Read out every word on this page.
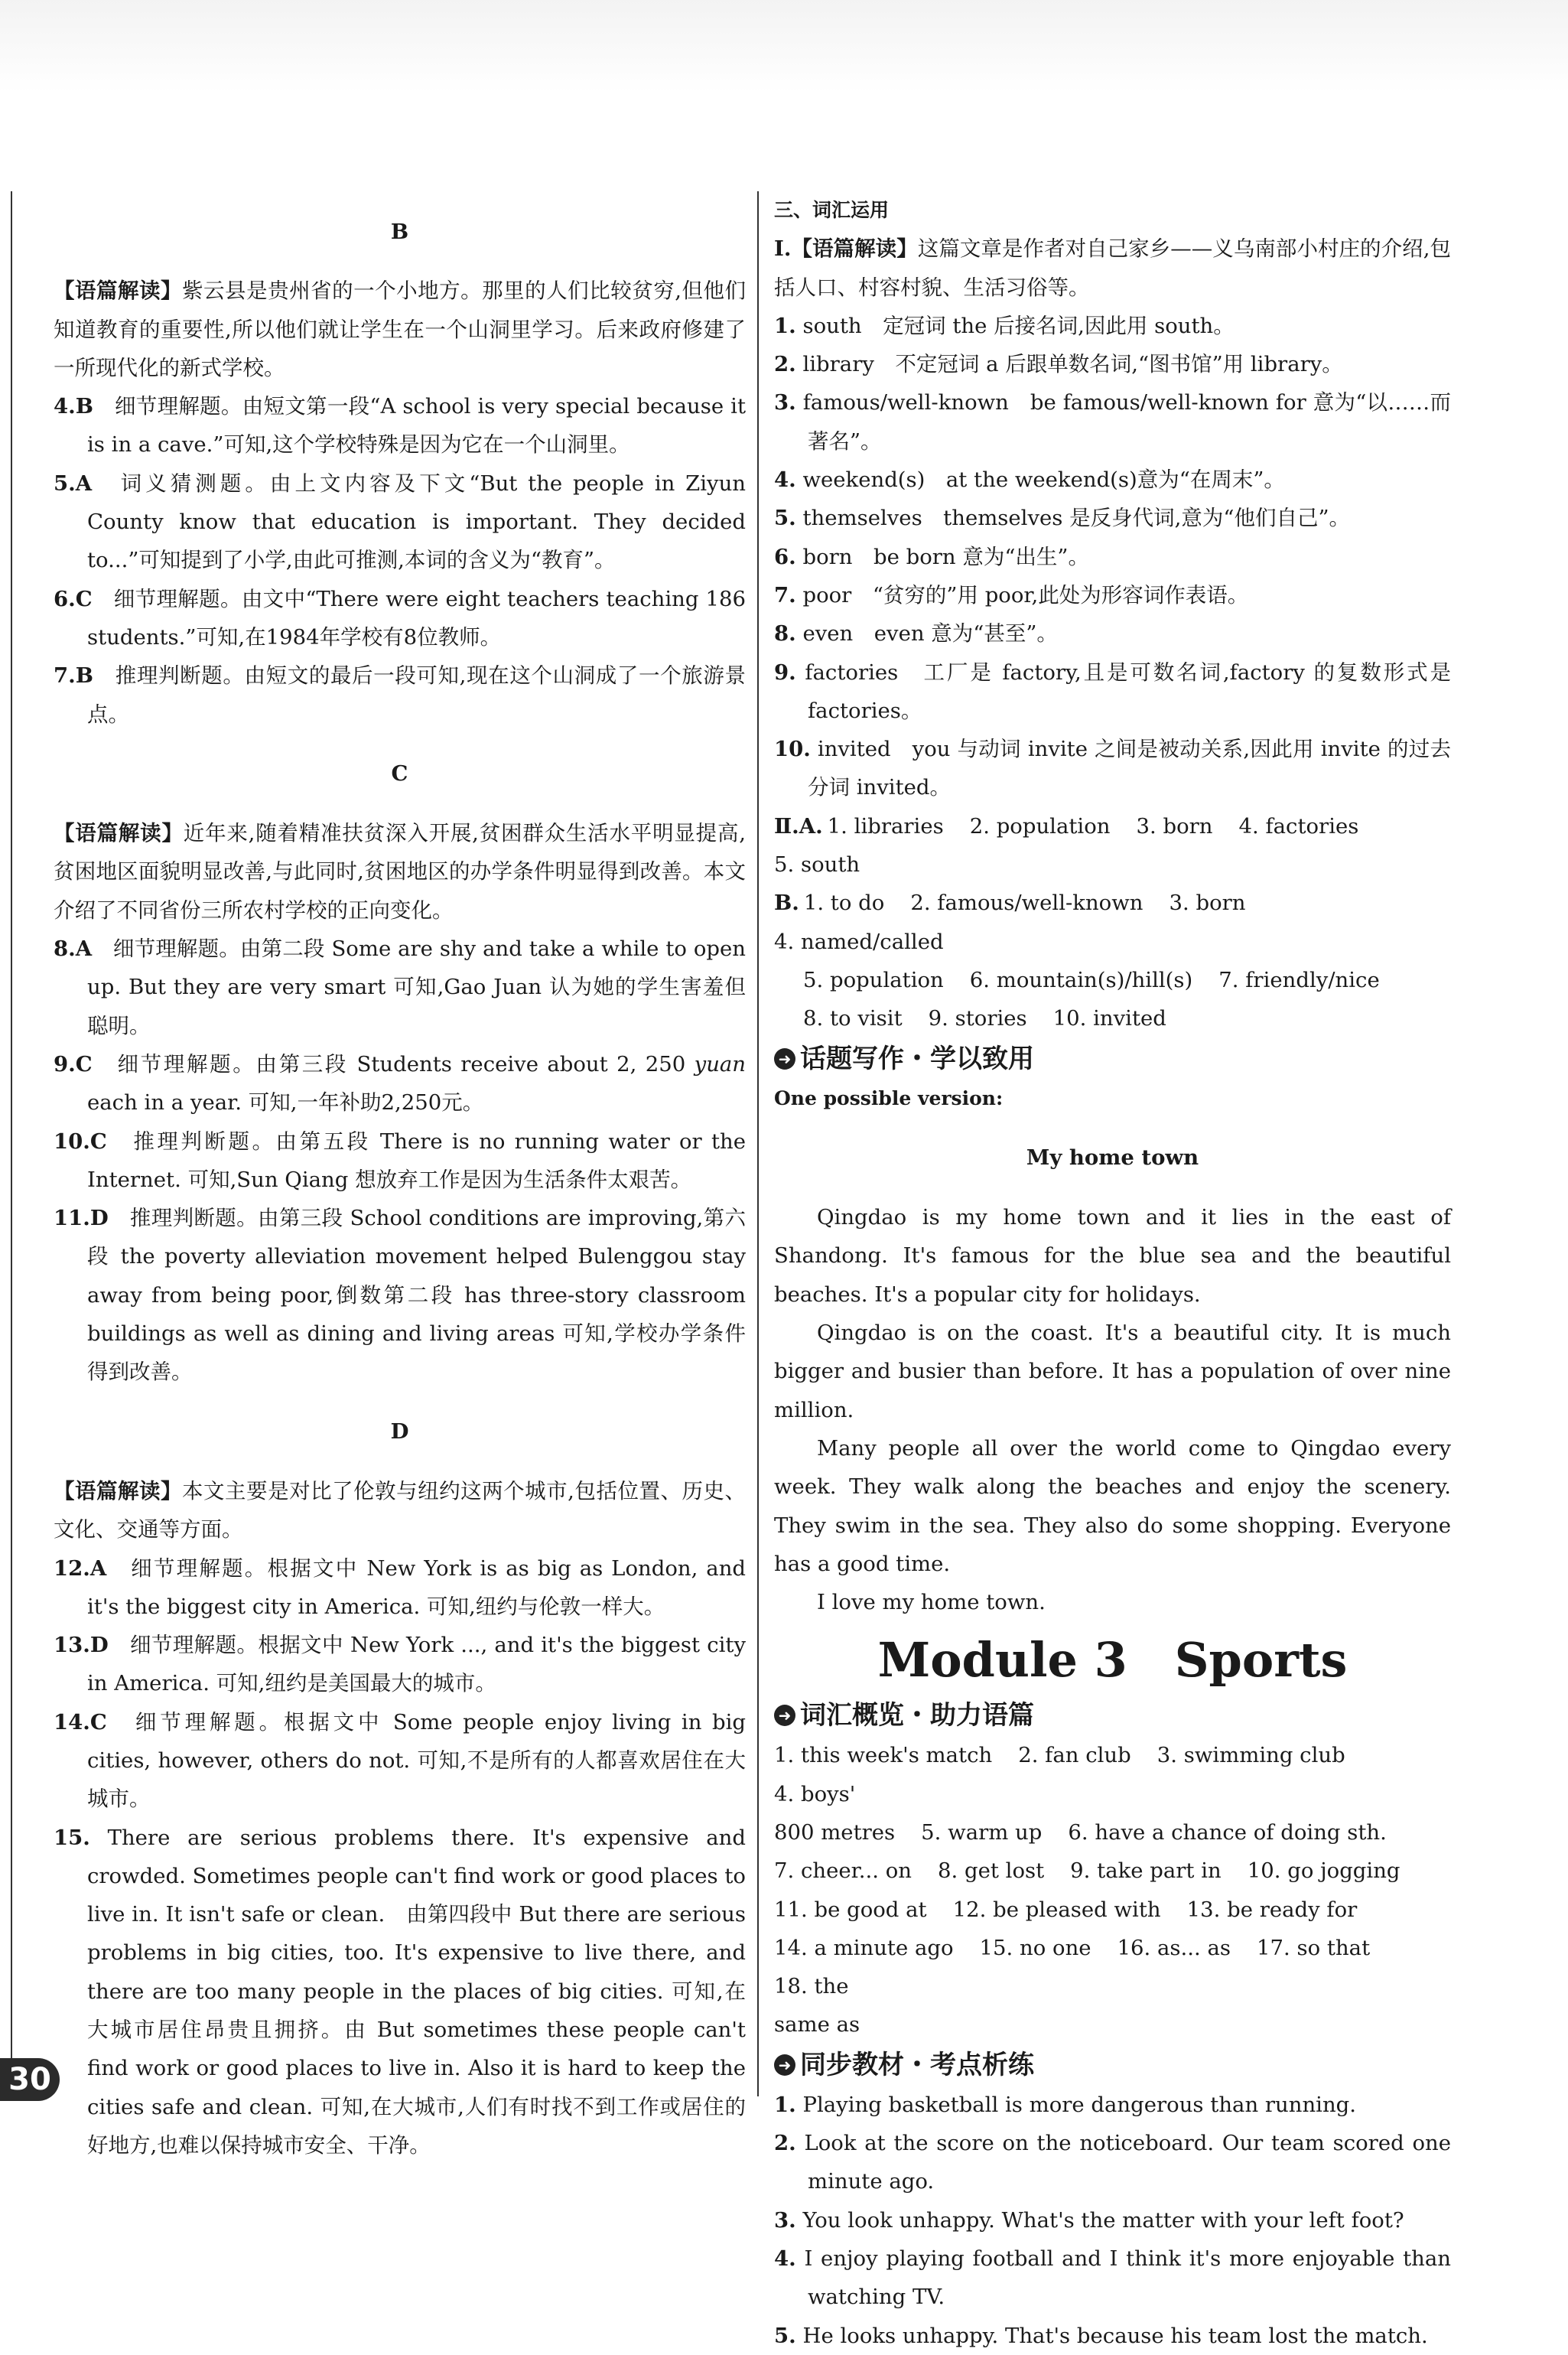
B

【语篇解读】紫云县是贵州省的一个小地方。那里的人们比较贫穷,但他们知道教育的重要性,所以他们就让学生在一个山洞里学习。后来政府修建了一所现代化的新式学校。

4.B　 细节理解题。由短文第一段“A school is very special because it is in a cave.”可知,这个学校特殊是因为它在一个山洞里。

5.A　 词义猜测题。由上文内容及下文“But the people in Ziyun County know that education is important. They decided to...”可知提到了小学,由此可推测,本词的含义为“教育”。

6.C　 细节理解题。由文中“There were eight teachers teaching 186 students.”可知,在1984年学校有8位教师。

7.B　 推理判断题。由短文的最后一段可知,现在这个山洞成了一个旅游景点。

C

【语篇解读】近年来,随着精准扶贫深入开展,贫困群众生活水平明显提高,贫困地区面貌明显改善,与此同时,贫困地区的办学条件明显得到改善。本文介绍了不同省份三所农村学校的正向变化。

8.A　 细节理解题。由第二段 Some are shy and take a while to open up. But they are very smart 可知,Gao Juan 认为她的学生害羞但聪明。

9.C　 细节理解题。由第三段 Students receive about 2, 250 yuan each in a year. 可知,一年补助2,250元。

10.C　 推理判断题。由第五段 There is no running water or the Internet. 可知,Sun Qiang 想放弃工作是因为生活条件太艰苦。

11.D　 推理判断题。由第三段 School conditions are improving,第六段 the poverty alleviation movement helped Bulenggou stay away from being poor,倒数第二段 has three-story classroom buildings as well as dining and living areas 可知,学校办学条件得到改善。

D

【语篇解读】本文主要是对比了伦敦与纽约这两个城市,包括位置、历史、文化、交通等方面。

12.A　 细节理解题。根据文中 New York is as big as London, and it's the biggest city in America. 可知,纽约与伦敦一样大。

13.D　 细节理解题。根据文中 New York ..., and it's the biggest city in America. 可知,纽约是美国最大的城市。

14.C　 细节理解题。根据文中 Some people enjoy living in big cities, however, others do not. 可知,不是所有的人都喜欢居住在大城市。

15. There are serious problems there. It's expensive and crowded. Sometimes people can't find work or good places to live in. It isn't safe or clean.　由第四段中 But there are serious problems in big cities, too. It's expensive to live there, and there are too many people in the places of big cities. 可知,在大城市居住昂贵且拥挤。由 But sometimes these people can't find work or good places to live in. Also it is hard to keep the cities safe and clean. 可知,在大城市,人们有时找不到工作或居住的好地方,也难以保持城市安全、干净。

三、词汇运用

Ⅰ.【语篇解读】这篇文章是作者对自己家乡——义乌南部小村庄的介绍,包括人口、村容村貌、生活习俗等。

1. south　定冠词 the 后接名词,因此用 south。

2. library　不定冠词 a 后跟单数名词,“图书馆”用 library。

3. famous/well-known　be famous/well-known for 意为“以……而著名”。

4. weekend(s)　at the weekend(s)意为“在周末”。

5. themselves　themselves 是反身代词,意为“他们自己”。

6. born　be born 意为“出生”。

7. poor　“贫穷的”用 poor,此处为形容词作表语。

8. even　even 意为“甚至”。

9. factories　工厂是 factory,且是可数名词,factory 的复数形式是 factories。

10. invited　you 与动词 invite 之间是被动关系,因此用 invite 的过去分词 invited。

Ⅱ.A. 1. libraries 2. population 3. born 4. factories
5. south

B. 1. to do 2. famous/well-known 3. born
4. named/called

5. population 6. mountain(s)/hill(s) 7. friendly/nice

8. to visit 9. stories 10. invited

➜ 话题写作・学以致用

One possible version:

My home town

Qingdao is my home town and it lies in the east of Shandong. It's famous for the blue sea and the beautiful beaches. It's a popular city for holidays.

Qingdao is on the coast. It's a beautiful city. It is much bigger and busier than before. It has a population of over nine million.

Many people all over the world come to Qingdao every week. They walk along the beaches and enjoy the scenery. They swim in the sea. They also do some shopping. Everyone has a good time.

I love my home town.

Module 3　Sports

➜ 词汇概览・助力语篇

1. this week's match 2. fan club 3. swimming club
4. boys'

800 metres 5. warm up 6. have a chance of doing sth.

7. cheer... on 8. get lost 9. take part in 10. go jogging

11. be good at 12. be pleased with 13. be ready for

14. a minute ago 15. no one 16. as... as 17. so that
18. the

same as

➜ 同步教材・考点析练

1. Playing basketball is more dangerous than running.

2. Look at the score on the noticeboard. Our team scored one minute ago.

3. You look unhappy. What's the matter with your left foot?

4. I enjoy playing football and I think it's more enjoyable than watching TV.

5. He looks unhappy. That's because his team lost the match.

30
